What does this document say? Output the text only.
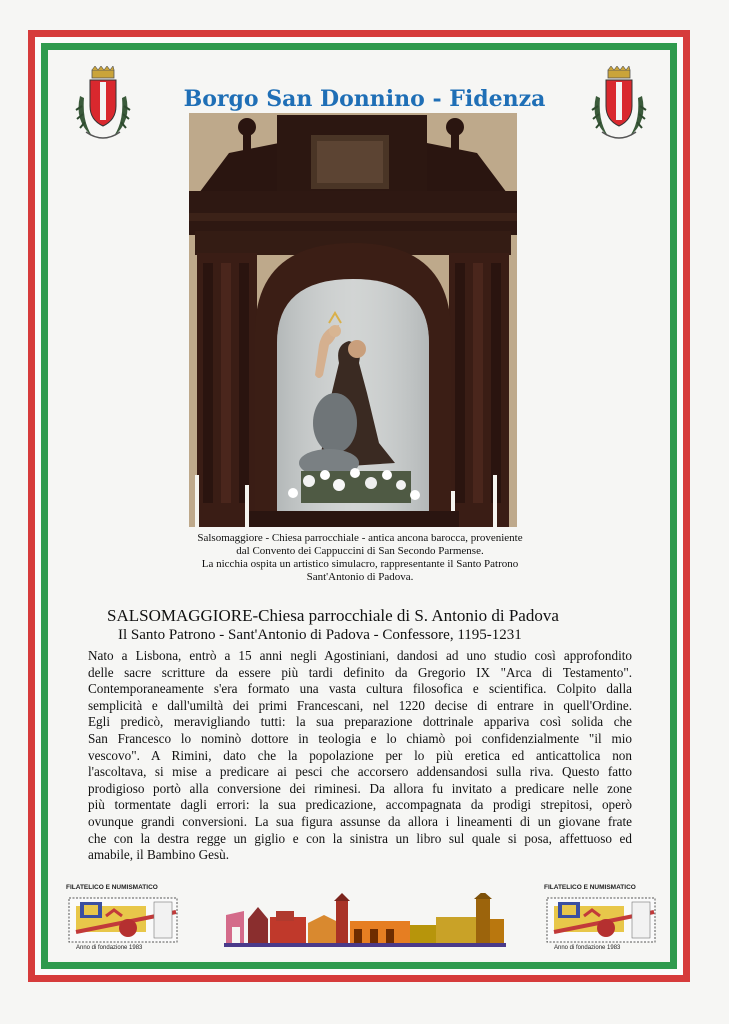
Borgo San Donnino - Fidenza
Salsomaggiore - Chiesa parrocchiale - antica ancona barocca, proveniente
dal Convento dei Cappuccini di San Secondo Parmense.
La nicchia ospita un artistico simulacro, rappresentante il Santo Patrono
Sant'Antonio di Padova.
SALSOMAGGIORE-Chiesa parrocchiale di S. Antonio di Padova
Il Santo Patrono - Sant'Antonio di Padova - Confessore, 1195-1231
Nato a Lisbona, entrò a 15 anni negli Agostiniani, dandosi ad uno studio così approfondito
delle sacre scritture da essere più tardi definito da Gregorio IX "Arca di Testamento".
Contemporaneamente s'era formato una vasta cultura filosofica e scientifica. Colpito dalla
semplicità e dall'umiltà dei primi Francescani, nel 1220 decise di entrare in quell'Ordine.
Egli predicò, meravigliando tutti: la sua preparazione dottrinale appariva così solida che
San Francesco lo nominò dottore in teologia e lo chiamò poi confidenzialmente "il mio
vescovo". A Rimini, dato che la popolazione per lo più eretica ed anticattolica non
l'ascoltava, si mise a predicare ai pesci che accorsero addensandosi sulla riva. Questo fatto
prodigioso portò alla conversione dei riminesi. Da allora fu invitato a predicare nelle zone
più tormentate dagli errori: la sua predicazione, accompagnata da prodigi strepitosi, operò
ovunque grandi conversioni. La sua figura assunse da allora i lineamenti di un giovane frate
che con la destra regge un giglio e con la sinistra un libro sul quale si posa, affettuoso ed
amabile, il Bambino Gesù.
FILATELICO E NUMISMATICO
Anno di fondazione 1983
FILATELICO E NUMISMATICO
Anno di fondazione 1983
